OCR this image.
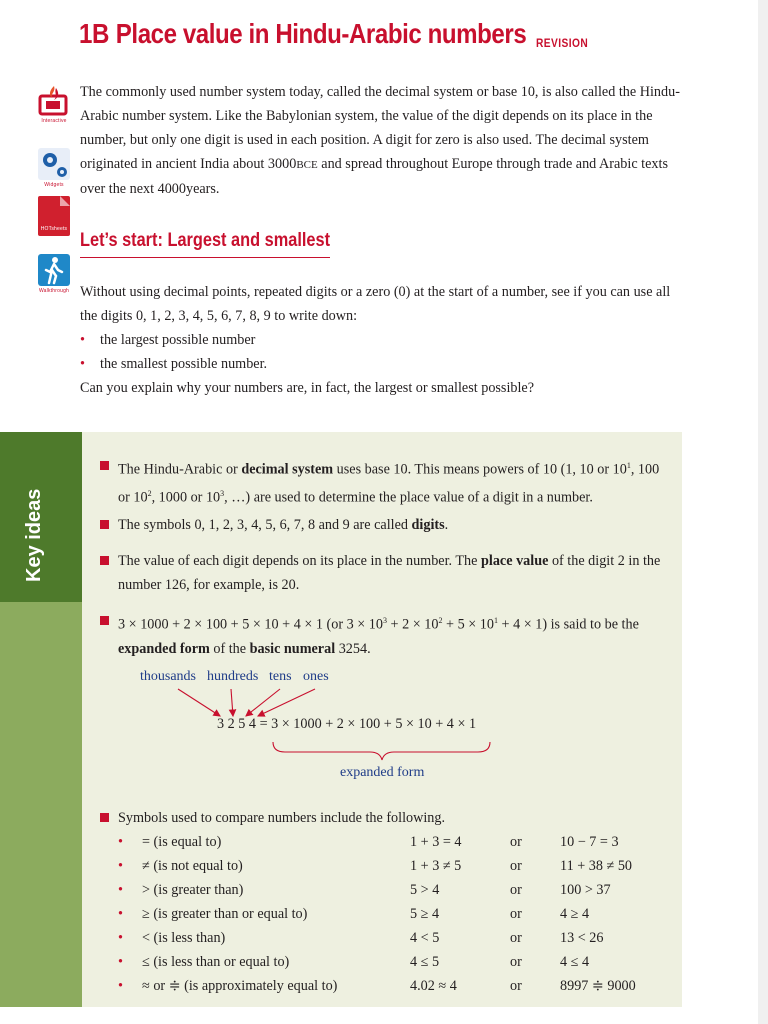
1B Place value in Hindu-Arabic numbers REVISION
Interactive
Widgets
HOTsheets
Walkthrough
The commonly used number system today, called the decimal system or base 10, is also called the Hindu-Arabic number system. Like the Babylonian system, the value of the digit depends on its place in the number, but only one digit is used in each position. A digit for zero is also used. The decimal system originated in ancient India about 3000BCE and spread throughout Europe through trade and Arabic texts over the next 4000years.
Let’s start: Largest and smallest
Without using decimal points, repeated digits or a zero (0) at the start of a number, see if you can use all the digits 0, 1, 2, 3, 4, 5, 6, 7, 8, 9 to write down:
• the largest possible number
• the smallest possible number.
Can you explain why your numbers are, in fact, the largest or smallest possible?
Key ideas
The Hindu-Arabic or decimal system uses base 10. This means powers of 10 (1, 10 or $10^1$, 100 or $10^2$, 1000 or $10^3$, …) are used to determine the place value of a digit in a number.
The symbols 0, 1, 2, 3, 4, 5, 6, 7, 8 and 9 are called digits.
The value of each digit depends on its place in the number. The place value of the digit 2 in the number 126, for example, is 20.
3 × 1000 + 2 × 100 + 5 × 10 + 4 × 1 (or $3 \times 10^3 + 2 \times 10^2 + 5 \times 10^1 + 4 \times 1$) is said to be the expanded form of the basic numeral 3254.
thousands hundreds tens ones
3 2 5 4 = 3 × 1000 + 2 × 100 + 5 × 10 + 4 × 1
expanded form
Symbols used to compare numbers include the following.
• = (is equal to)	1 + 3 = 4	or	10 − 7 = 3
• ≠ (is not equal to)	1 + 3 ≠ 5	or	11 + 38 ≠ 50
• > (is greater than)	5 > 4	or	100 > 37
• ≥ (is greater than or equal to)	5 ≥ 4	or	4 ≥ 4
• < (is less than)	4 < 5	or	13 < 26
• ≤ (is less than or equal to)	4 ≤ 5	or	4 ≤ 4
• ≈ or ≑ (is approximately equal to)	4.02 ≈ 4	or	8997 ≑ 9000
